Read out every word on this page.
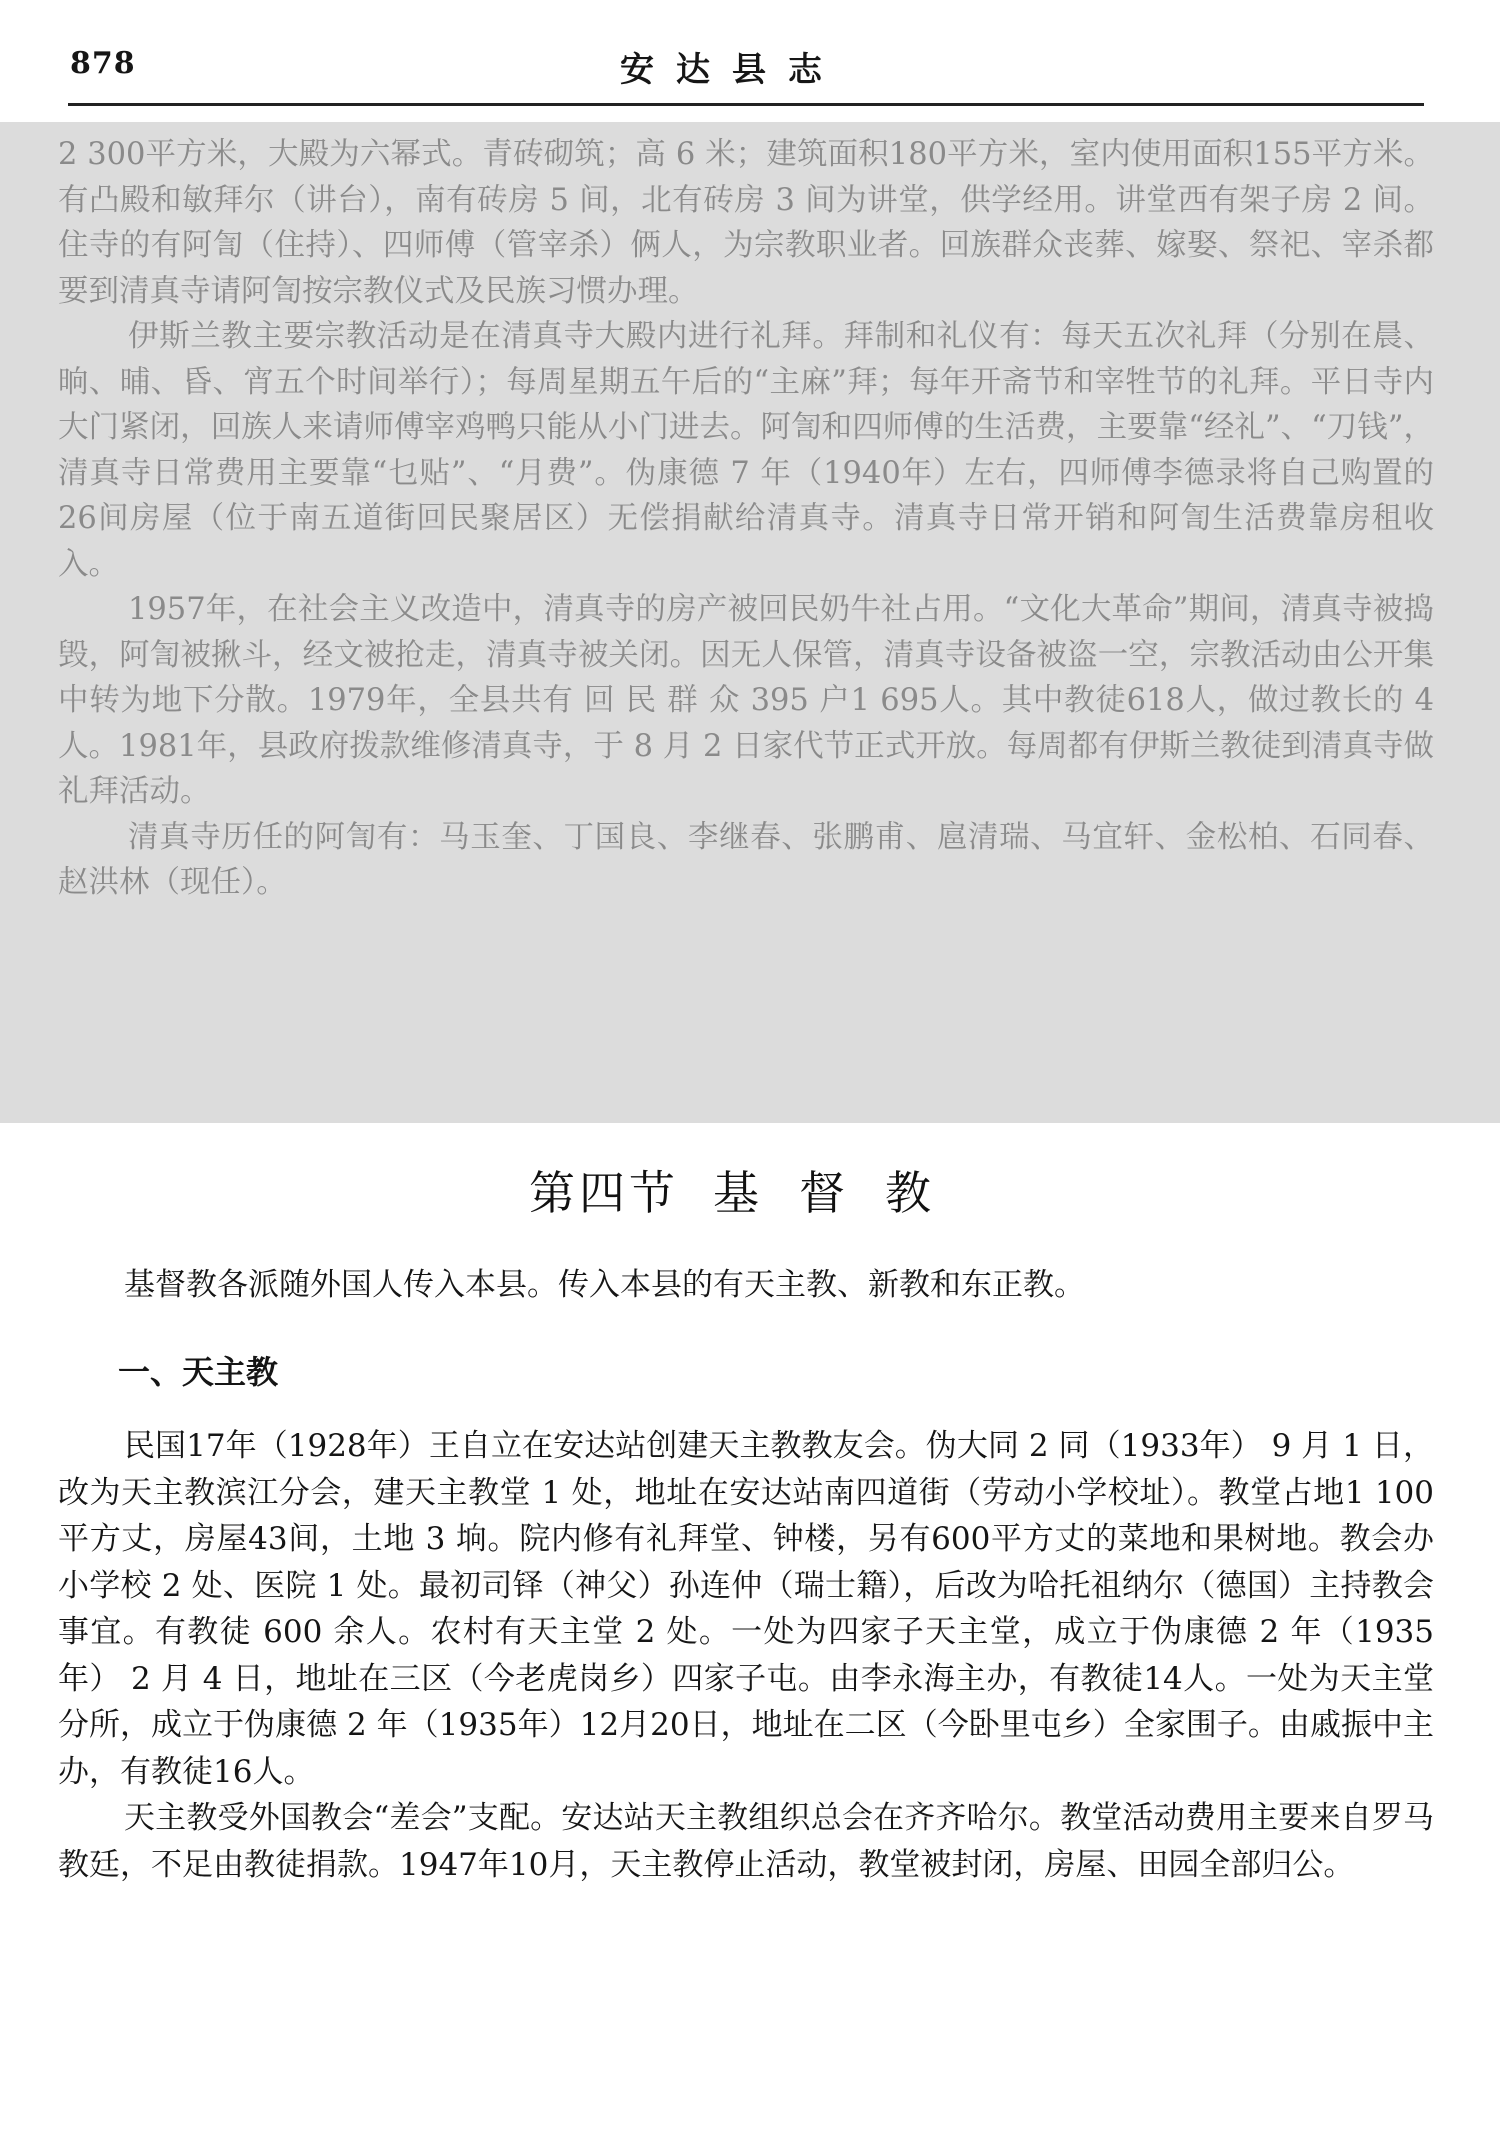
878	安达县志

2 300平方米，大殿为六幂式。青砖砌筑；高 6 米；建筑面积180平方米，室内使用面积155平方米。有凸殿和敏拜尔（讲台），南有砖房 5 间，北有砖房 3 间为讲堂，供学经用。讲堂西有架子房 2 间。住寺的有阿訇（住持）、四师傅（管宰杀）俩人，为宗教职业者。回族群众丧葬、嫁娶、祭祀、宰杀都要到清真寺请阿訇按宗教仪式及民族习惯办理。

伊斯兰教主要宗教活动是在清真寺大殿内进行礼拜。拜制和礼仪有：每天五次礼拜（分别在晨、晌、晡、昏、宵五个时间举行）；每周星期五午后的“主麻”拜；每年开斋节和宰牲节的礼拜。平日寺内大门紧闭，回族人来请师傅宰鸡鸭只能从小门进去。阿訇和四师傅的生活费，主要靠“经礼”、“刀钱”，清真寺日常费用主要靠“乜贴”、“月费”。伪康德 7 年（1940年）左右，四师傅李德录将自己购置的26间房屋（位于南五道街回民聚居区）无偿捐献给清真寺。清真寺日常开销和阿訇生活费靠房租收入。

1957年，在社会主义改造中，清真寺的房产被回民奶牛社占用。“文化大革命”期间，清真寺被捣毁，阿訇被揪斗，经文被抢走，清真寺被关闭。因无人保管，清真寺设备被盗一空，宗教活动由公开集中转为地下分散。1979年，全县共有 回 民 群 众 395 户1 695人。其中教徒618人，做过教长的 4 人。1981年，县政府拨款维修清真寺，于 8 月 2 日家代节正式开放。每周都有伊斯兰教徒到清真寺做礼拜活动。

清真寺历任的阿訇有：马玉奎、丁国良、李继春、张鹏甫、扈清瑞、马宜轩、金松柏、石同春、赵洪林（现任）。

第四节 基督教

基督教各派随外国人传入本县。传入本县的有天主教、新教和东正教。

一、天主教

民国17年（1928年）王自立在安达站创建天主教教友会。伪大同 2 同（1933年） 9 月 1 日，改为天主教滨江分会，建天主教堂 1 处，地址在安达站南四道街（劳动小学校址）。教堂占地1 100平方丈，房屋43间，土地 3 垧。院内修有礼拜堂、钟楼，另有600平方丈的菜地和果树地。教会办小学校 2 处、医院 1 处。最初司铎（神父）孙连仲（瑞士籍），后改为哈托祖纳尔（德国）主持教会事宜。有教徒 600 余人。农村有天主堂 2 处。一处为四家子天主堂，成立于伪康德 2 年（1935年） 2 月 4 日，地址在三区（今老虎岗乡）四家子屯。由李永海主办，有教徒14人。一处为天主堂分所，成立于伪康德 2 年（1935年）12月20日，地址在二区（今卧里屯乡）全家围子。由戚振中主办，有教徒16人。

天主教受外国教会“差会”支配。安达站天主教组织总会在齐齐哈尔。教堂活动费用主要来自罗马教廷，不足由教徒捐款。1947年10月，天主教停止活动，教堂被封闭，房屋、田园全部归公。
